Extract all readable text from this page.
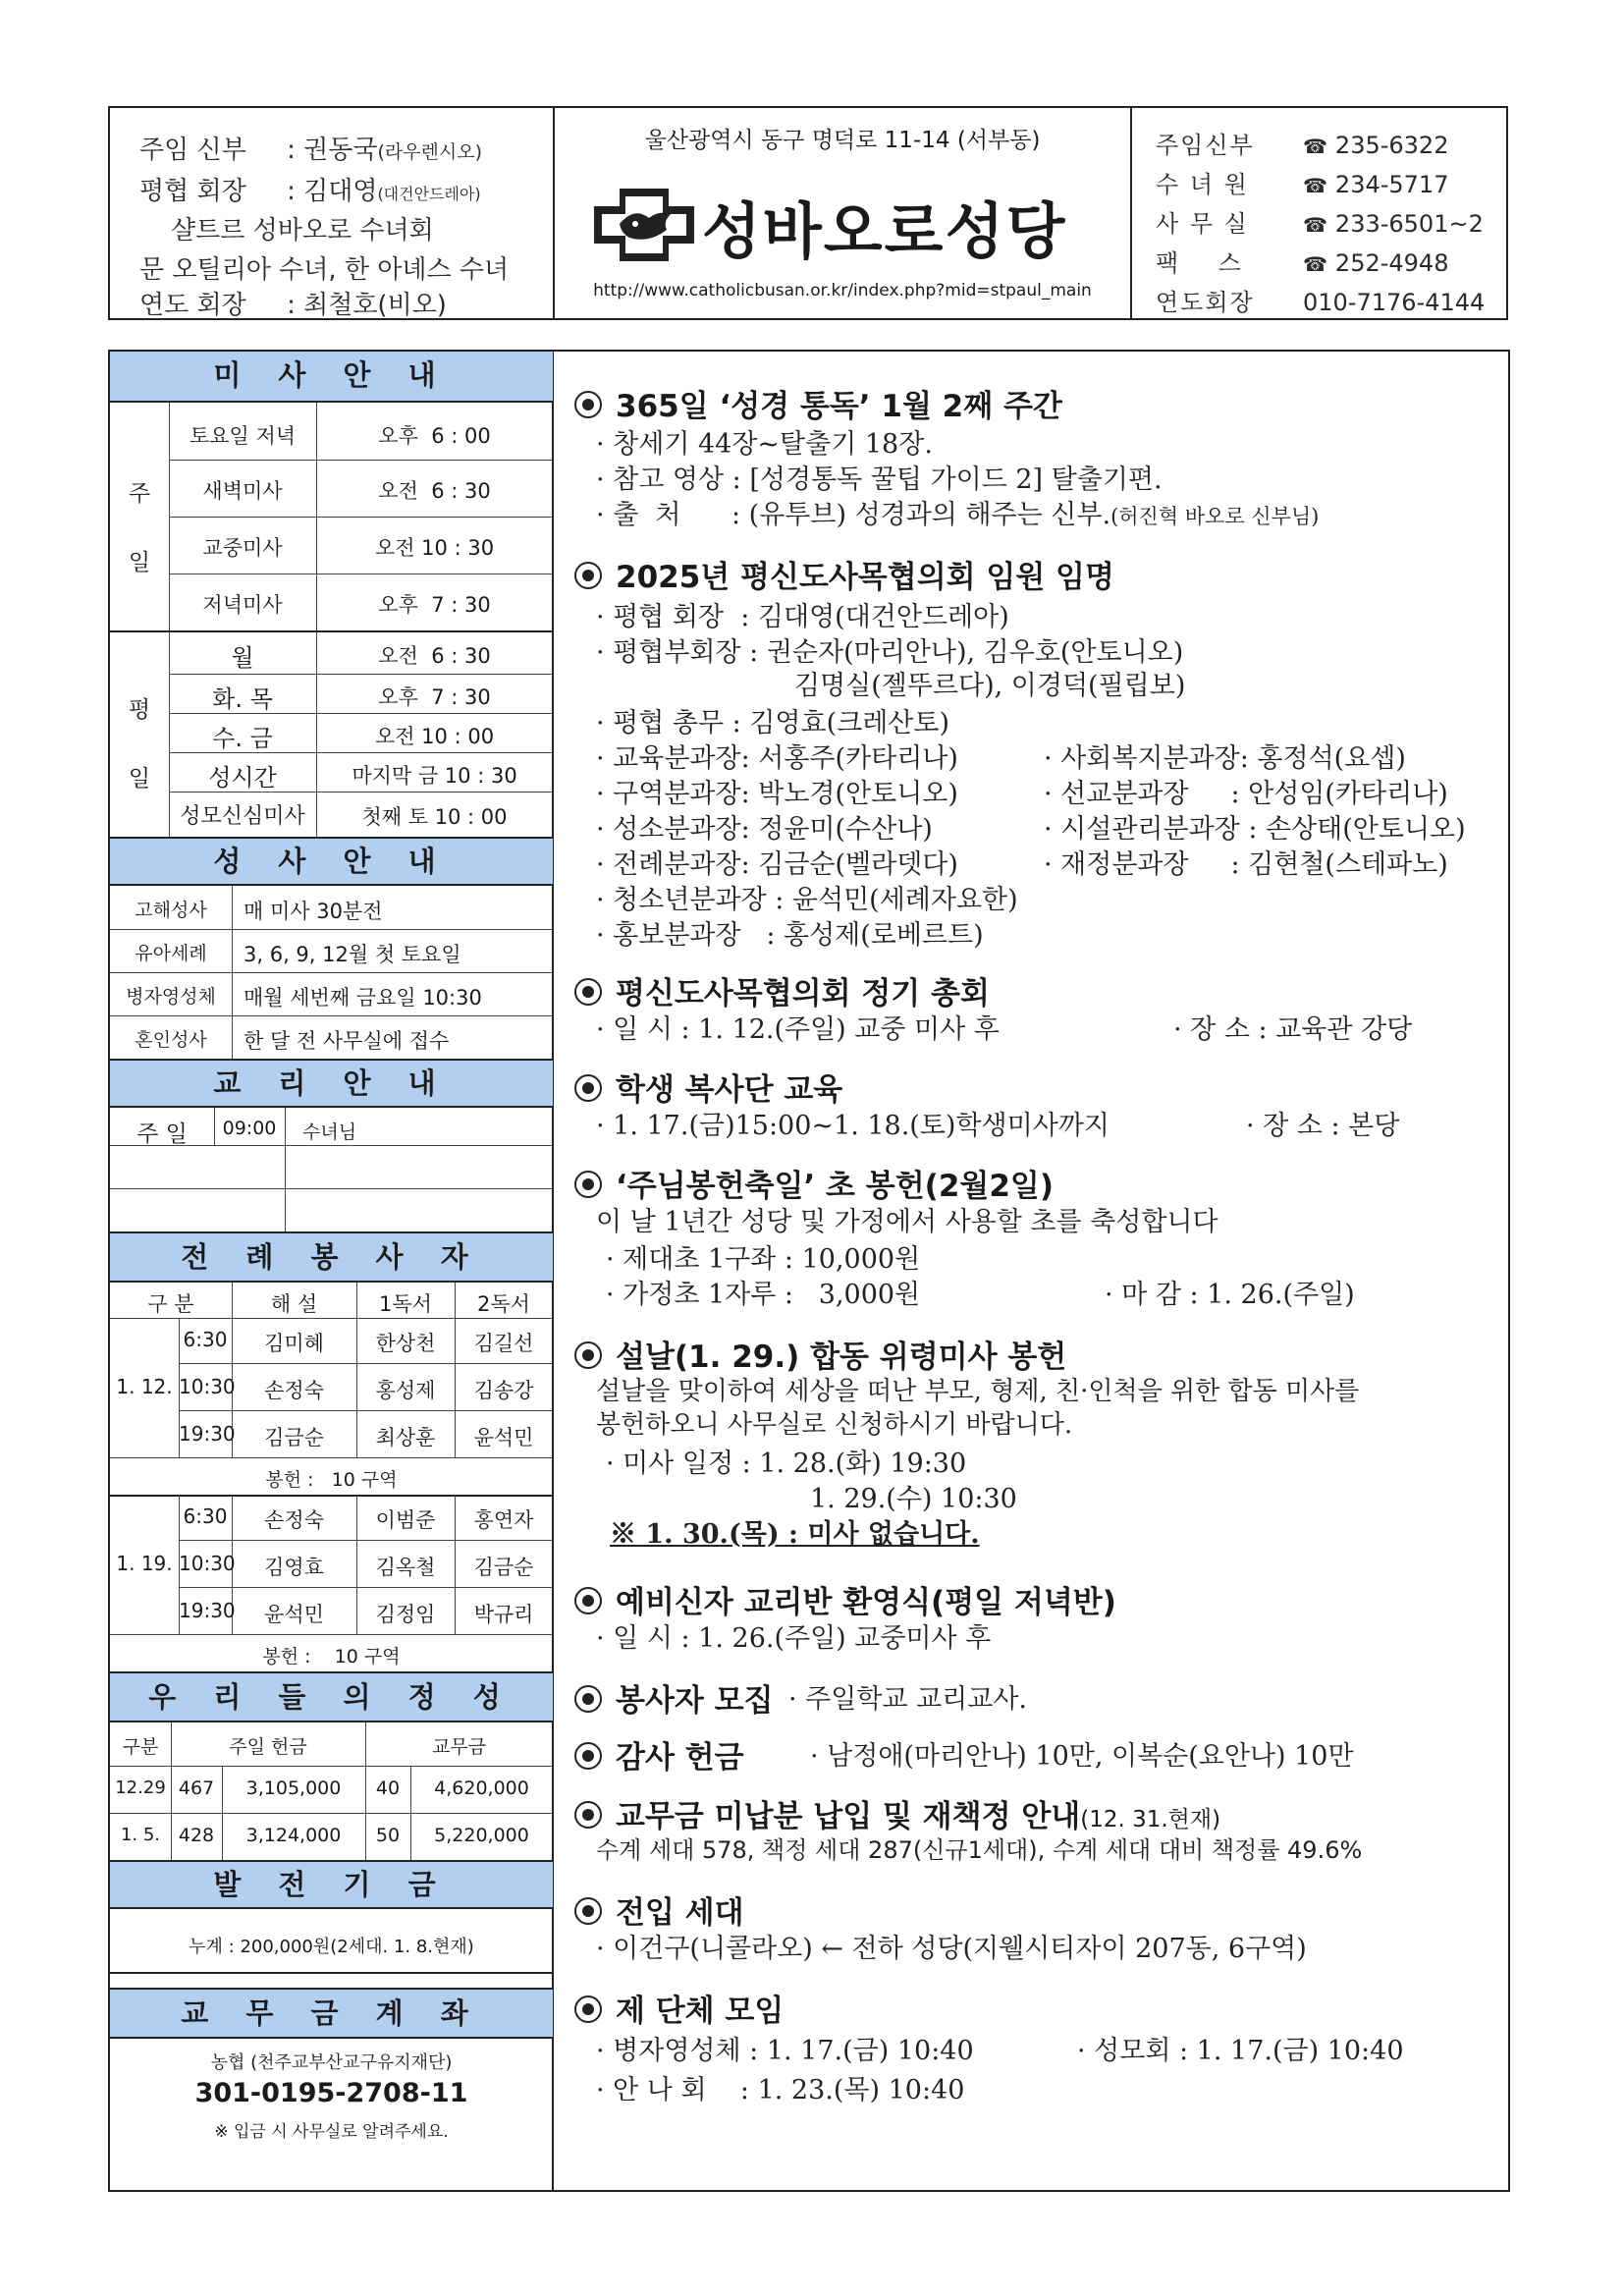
주임 신부 : 권동국(라우렌시오)
평협 회장 : 김대영(대건안드레아)
샬트르 성바오로 수녀회
문 오틸리아 수녀, 한 아녜스 수녀
연도 회장 : 최철호(비오)
울산광역시 동구 명덕로 11-14 (서부동)
성바오로성당
http://www.catholicbusan.or.kr/index.php?mid=stpaul_main
주임신부 ☎ 235-6322
수 녀 원	☎ 234-5717
사 무 실	☎ 233-6501~2
팩    스	☎ 252-4948
연도회장 010-7176-4144
미 사 안 내
주
일
토요일 저녁	오후  6 : 00
새벽미사	오전  6 : 30
교중미사	오전 10 : 30
저녁미사	오후  7 : 30
평
일
월	오전  6 : 30
화. 목	오후  7 : 30
수. 금	오전 10 : 00
성시간	마지막 금 10 : 30
성모신심미사	첫째 토 10 : 00
성 사 안 내
고해성사	매 미사 30분전
유아세례	3, 6, 9, 12월 첫 토요일
병자영성체	매월 세번째 금요일 10:30
혼인성사	한 달 전 사무실에 접수
교 리 안 내
주 일	09:00	수녀님
전 례 봉 사 자
구 분	해 설	1독서	2독서
1. 12.
6:30	김미혜	한상천	김길선
10:30	손정숙	홍성제	김송강
19:30	김금순	최상훈	윤석민
봉헌 :   10 구역
1. 19.
6:30	손정숙	이범준	홍연자
10:30	김영효	김옥철	김금순
19:30	윤석민	김정임	박규리
봉헌 :    10 구역
우 리 들 의 정 성
구분	주일 헌금	교무금
12.29 467	3,105,000	40	4,620,000
1. 5. 428	3,124,000	50	5,220,000
발 전 기 금
누계 : 200,000원(2세대. 1. 8.현재)
교 무 금 계 좌
농협 (천주교부산교구유지재단)
301-0195-2708-11
※ 입금 시 사무실로 알려주세요.
365일 ‘성경 통독’ 1월 2째 주간
· 창세기 44장~탈출기 18장.
· 참고 영상 : [성경통독 꿀팁 가이드 2] 탈출기편.
· 출  처      : (유투브) 성경과의 해주는 신부.(허진혁 바오로 신부님)
2025년 평신도사목협의회 임원 임명
· 평협 회장  : 김대영(대건안드레아)
· 평협부회장 : 권순자(마리안나), 김우호(안토니오)
김명실(젤뚜르다), 이경덕(필립보)
· 평협 총무 : 김영효(크레산토)
· 교육분과장: 서홍주(카타리나)
· 구역분과장: 박노경(안토니오)
· 성소분과장: 정윤미(수산나)
· 전례분과장: 김금순(벨라뎃다)
· 청소년분과장 : 윤석민(세례자요한)
· 홍보분과장   : 홍성제(로베르트)
· 사회복지분과장: 홍정석(요셉)
· 선교분과장     : 안성임(카타리나)
· 시설관리분과장 : 손상태(안토니오)
· 재정분과장     : 김현철(스테파노)
평신도사목협의회 정기 총회
· 일 시 : 1. 12.(주일) 교중 미사 후	· 장 소 : 교육관 강당
학생 복사단 교육
· 1. 17.(금)15:00~1. 18.(토)학생미사까지	· 장 소 : 본당
‘주님봉헌축일’ 초 봉헌(2월2일)
이 날 1년간 성당 및 가정에서 사용할 초를 축성합니다
· 제대초 1구좌 : 10,000원
· 가정초 1자루 :   3,000원	· 마 감 : 1. 26.(주일)
설날(1. 29.) 합동 위령미사 봉헌
설날을 맞이하여 세상을 떠난 부모, 형제, 친·인척을 위한 합동 미사를
봉헌하오니 사무실로 신청하시기 바랍니다.
· 미사 일정 : 1. 28.(화) 19:30
1. 29.(수) 10:30
※ 1. 30.(목) : 미사 없습니다.
예비신자 교리반 환영식(평일 저녁반)
· 일 시 : 1. 26.(주일) 교중미사 후
봉사자 모집 · 주일학교 교리교사.
감사 헌금 · 남정애(마리안나) 10만, 이복순(요안나) 10만
교무금 미납분 납입 및 재책정 안내(12. 31.현재)
수계 세대 578, 책정 세대 287(신규1세대), 수계 세대 대비 책정률 49.6%
전입 세대
· 이건구(니콜라오) ← 전하 성당(지웰시티자이 207동, 6구역)
제 단체 모임
· 병자영성체 : 1. 17.(금) 10:40
· 안 나 회    : 1. 23.(목) 10:40
· 성모회 : 1. 17.(금) 10:40
